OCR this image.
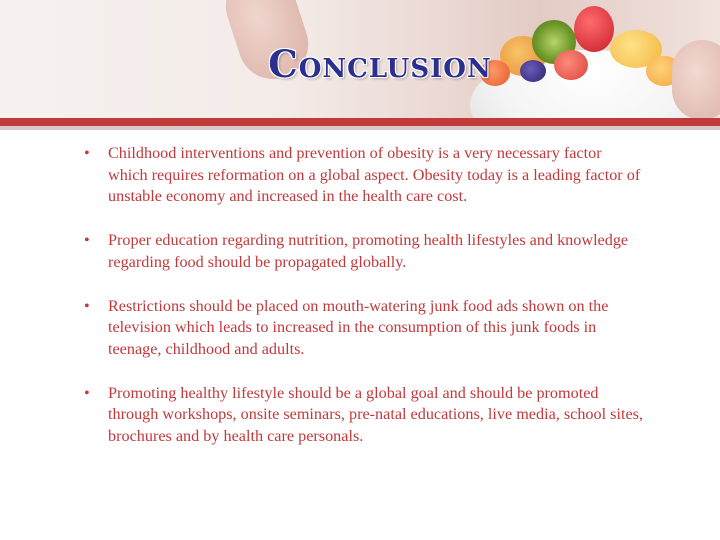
Conclusion
• Childhood interventions and prevention of obesity is a very necessary factor which requires reformation on a global aspect. Obesity today is a leading factor of unstable economy and increased in the health care cost.
• Proper education regarding nutrition, promoting health lifestyles and knowledge regarding food should be propagated globally.
• Restrictions should be placed on mouth-watering junk food ads shown on the television which leads to increased in the consumption of this junk foods in teenage, childhood and adults.
• Promoting healthy lifestyle should be a global goal and should be promoted through workshops, onsite seminars, pre-natal educations, live media, school sites, brochures and by health care personals.
